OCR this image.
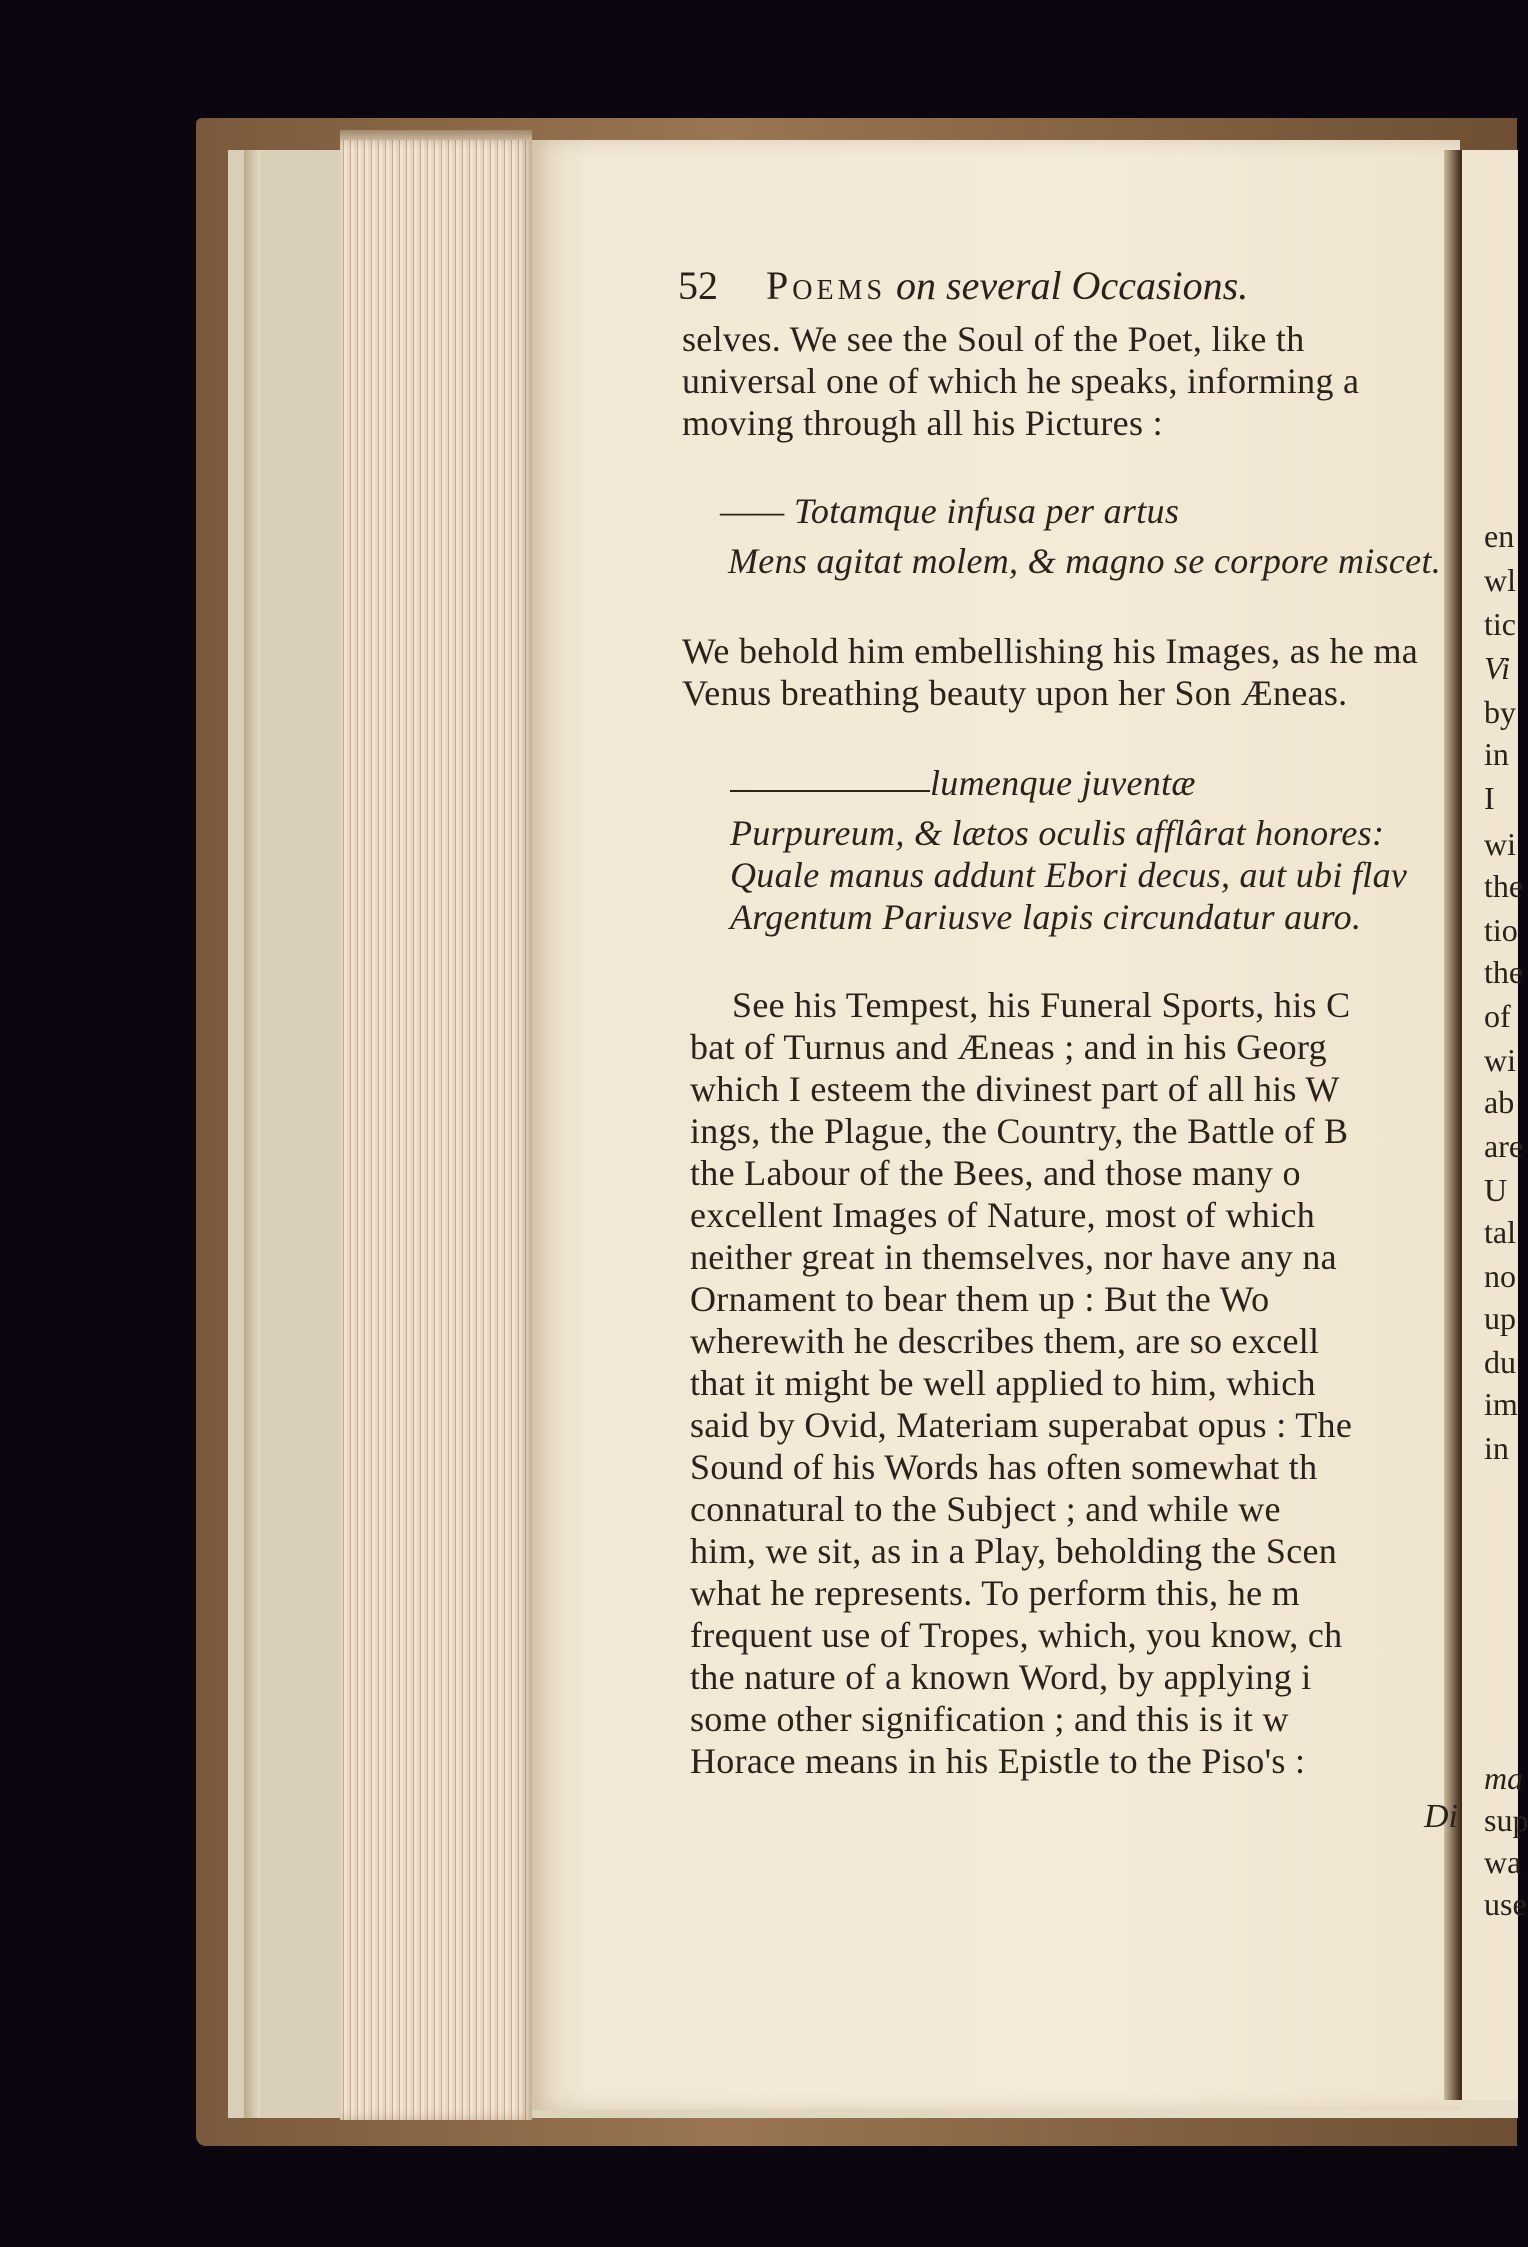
en
wl
tic
Vi
by
in
I
wi
the
tio
the
of
wi
ab
are
U
tal
no
up
du
im
in
ma
sup
wa
use
52 Poems on several Occasions.
selves. We see the Soul of the Poet, like th
universal one of which he speaks, informing a
moving through all his Pictures :
—— Totamque infusa per artus
Mens agitat molem, & magno se corpore miscet.
We behold him embellishing his Images, as he ma
Venus breathing beauty upon her Son Æneas.
lumenque juventæ
Purpureum, & lætos oculis afflârat honores:
Quale manus addunt Ebori decus, aut ubi flav
Argentum Pariusve lapis circundatur auro.
See his Tempest, his Funeral Sports, his C
bat of Turnus and Æneas ; and in his Georg
which I esteem the divinest part of all his W
ings, the Plague, the Country, the Battle of B
the Labour of the Bees, and those many o
excellent Images of Nature, most of which
neither great in themselves, nor have any na
Ornament to bear them up : But the Wo
wherewith he describes them, are so excell
that it might be well applied to him, which
said by Ovid, Materiam superabat opus : The
Sound of his Words has often somewhat th
connatural to the Subject ; and while we
him, we sit, as in a Play, beholding the Scen
what he represents. To perform this, he m
frequent use of Tropes, which, you know, ch
the nature of a known Word, by applying i
some other signification ; and this is it w
Horace means in his Epistle to the Piso's :
Di
